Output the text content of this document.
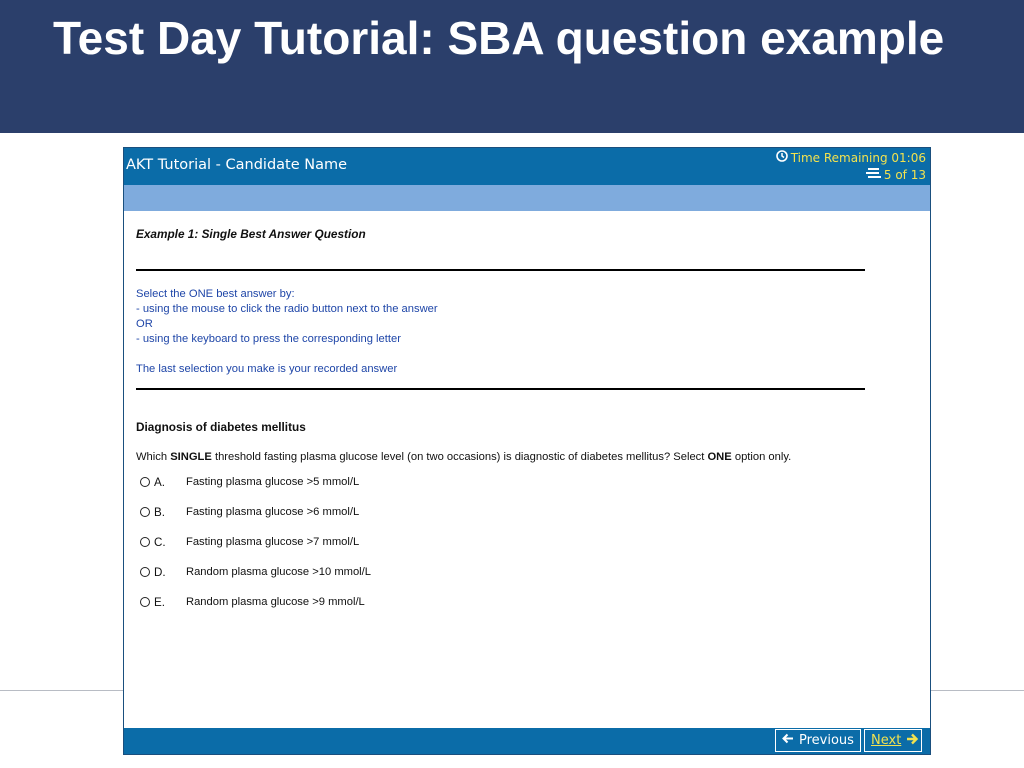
Test Day Tutorial: SBA question example
AKT Tutorial - Candidate Name	Time Remaining 01:06
5 of 13
Example 1: Single Best Answer Question
Select the ONE best answer by:
- using the mouse to click the radio button next to the answer
OR
- using the keyboard to press the corresponding letter
The last selection you make is your recorded answer
Diagnosis of diabetes mellitus
Which SINGLE threshold fasting plasma glucose level (on two occasions) is diagnostic of diabetes mellitus? Select ONE option only.
A.	Fasting plasma glucose >5 mmol/L
B.	Fasting plasma glucose >6 mmol/L
C.	Fasting plasma glucose >7 mmol/L
D.	Random plasma glucose >10 mmol/L
E.	Random plasma glucose >9 mmol/L
Previous Next
